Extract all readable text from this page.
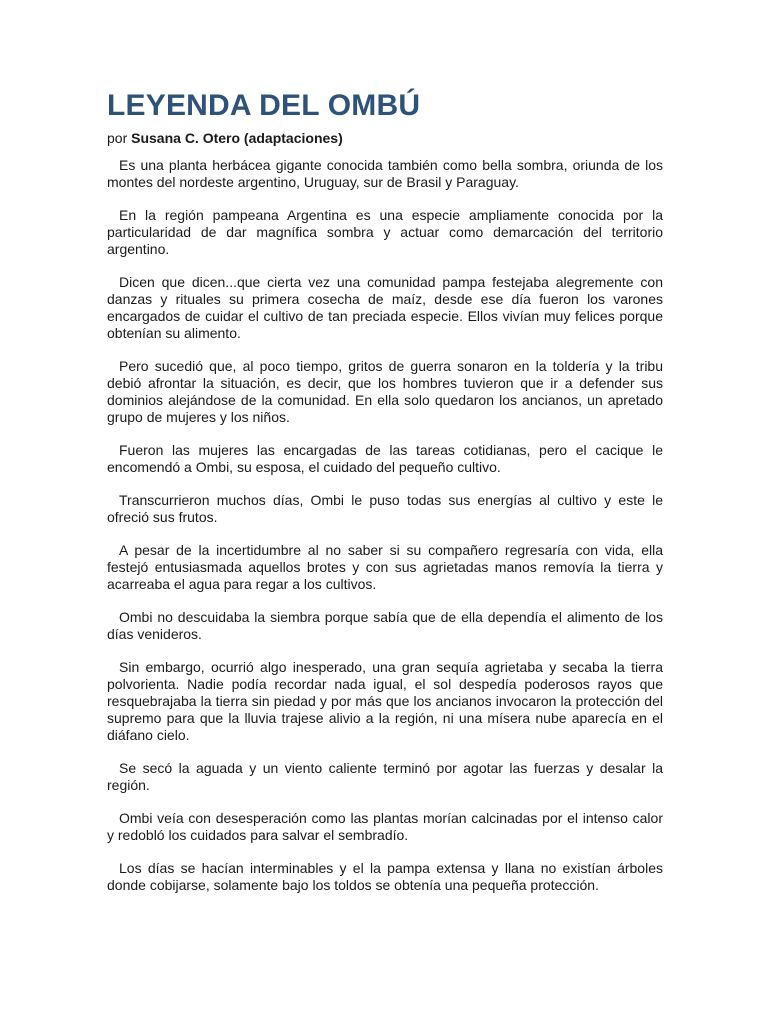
LEYENDA DEL OMBÚ

por Susana C. Otero (adaptaciones)

Es una planta herbácea gigante conocida también como bella sombra, oriunda de los montes del nordeste argentino, Uruguay, sur de Brasil y Paraguay.

En la región pampeana Argentina es una especie ampliamente conocida por la particularidad de dar magnífica sombra y actuar como demarcación del territorio argentino.

Dicen que dicen...que cierta vez una comunidad pampa festejaba alegremente con danzas y rituales su primera cosecha de maíz, desde ese día fueron los varones encargados de cuidar el cultivo de tan preciada especie. Ellos vivían muy felices porque obtenían su alimento.

Pero sucedió que, al poco tiempo, gritos de guerra sonaron en la toldería y la tribu debió afrontar la situación, es decir, que los hombres tuvieron que ir a defender sus dominios alejándose de la comunidad. En ella solo quedaron los ancianos, un apretado grupo de mujeres y los niños.

Fueron las mujeres las encargadas de las tareas cotidianas, pero el cacique le encomendó a Ombi, su esposa, el cuidado del pequeño cultivo.

Transcurrieron muchos días, Ombi le puso todas sus energías al cultivo y este le ofreció sus frutos.

A pesar de la incertidumbre al no saber si su compañero regresaría con vida, ella festejó entusiasmada aquellos brotes y con sus agrietadas manos removía la tierra y acarreaba el agua para regar a los cultivos.

Ombi no descuidaba la siembra porque sabía que de ella dependía el alimento de los días venideros.

Sin embargo, ocurrió algo inesperado, una gran sequía agrietaba y secaba la tierra polvorienta. Nadie podía recordar nada igual, el sol despedía poderosos rayos que resquebrajaba la tierra sin piedad y por más que los ancianos invocaron la protección del supremo para que la lluvia trajese alivio a la región, ni una mísera nube aparecía en el diáfano cielo.

Se secó la aguada y un viento caliente terminó por agotar las fuerzas y desalar la región.

Ombi veía con desesperación como las plantas morían calcinadas por el intenso calor y redobló los cuidados para salvar el sembradío.

Los días se hacían interminables y el la pampa extensa y llana no existían árboles donde cobijarse, solamente bajo los toldos se obtenía una pequeña protección.
